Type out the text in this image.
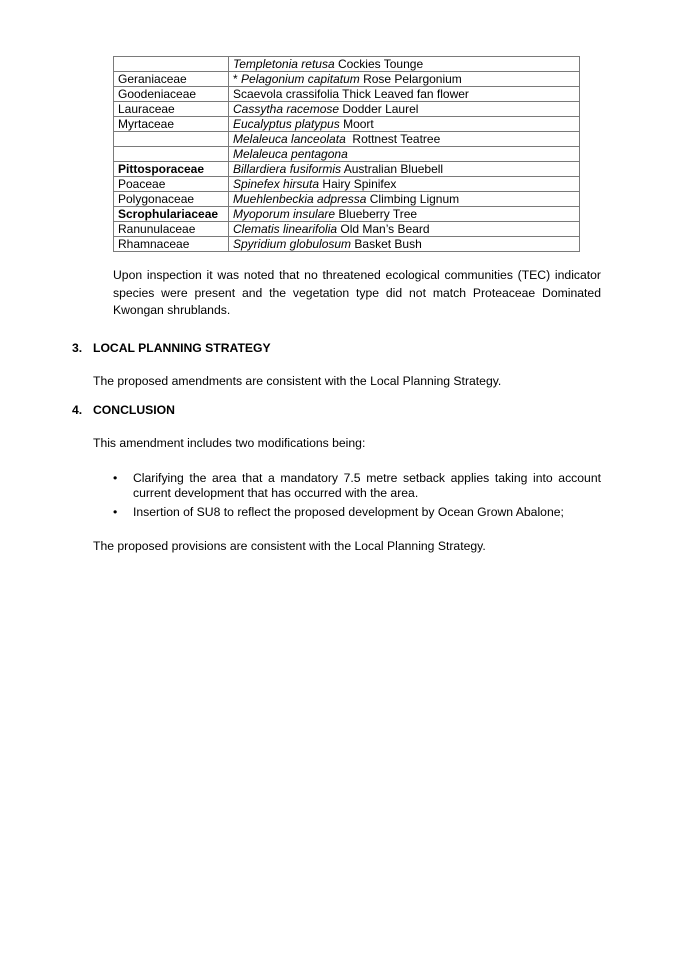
	Templetonia retusa Cockies Tounge
Geraniaceae	* Pelagonium capitatum Rose Pelargonium
Goodeniaceae	Scaevola crassifolia Thick Leaved fan flower
Lauraceae	Cassytha racemose Dodder Laurel
Myrtaceae	Eucalyptus platypus Moort
	Melaleuca lanceolata  Rottnest Teatree
	Melaleuca pentagona
Pittosporaceae	Billardiera fusiformis Australian Bluebell
Poaceae	Spinefex hirsuta Hairy Spinifex
Polygonaceae	Muehlenbeckia adpressa Climbing Lignum
Scrophulariaceae	Myoporum insulare Blueberry Tree
Ranunulaceae	Clematis linearifolia Old Man’s Beard
Rhamnaceae	Spyridium globulosum Basket Bush

Upon inspection it was noted that no threatened ecological communities (TEC) indicator species were present and the vegetation type did not match Proteaceae Dominated Kwongan shrublands.

3. LOCAL PLANNING STRATEGY

The proposed amendments are consistent with the Local Planning Strategy.

4. CONCLUSION

This amendment includes two modifications being:

• Clarifying the area that a mandatory 7.5 metre setback applies taking into account current development that has occurred with the area.
• Insertion of SU8 to reflect the proposed development by Ocean Grown Abalone;

The proposed provisions are consistent with the Local Planning Strategy.
